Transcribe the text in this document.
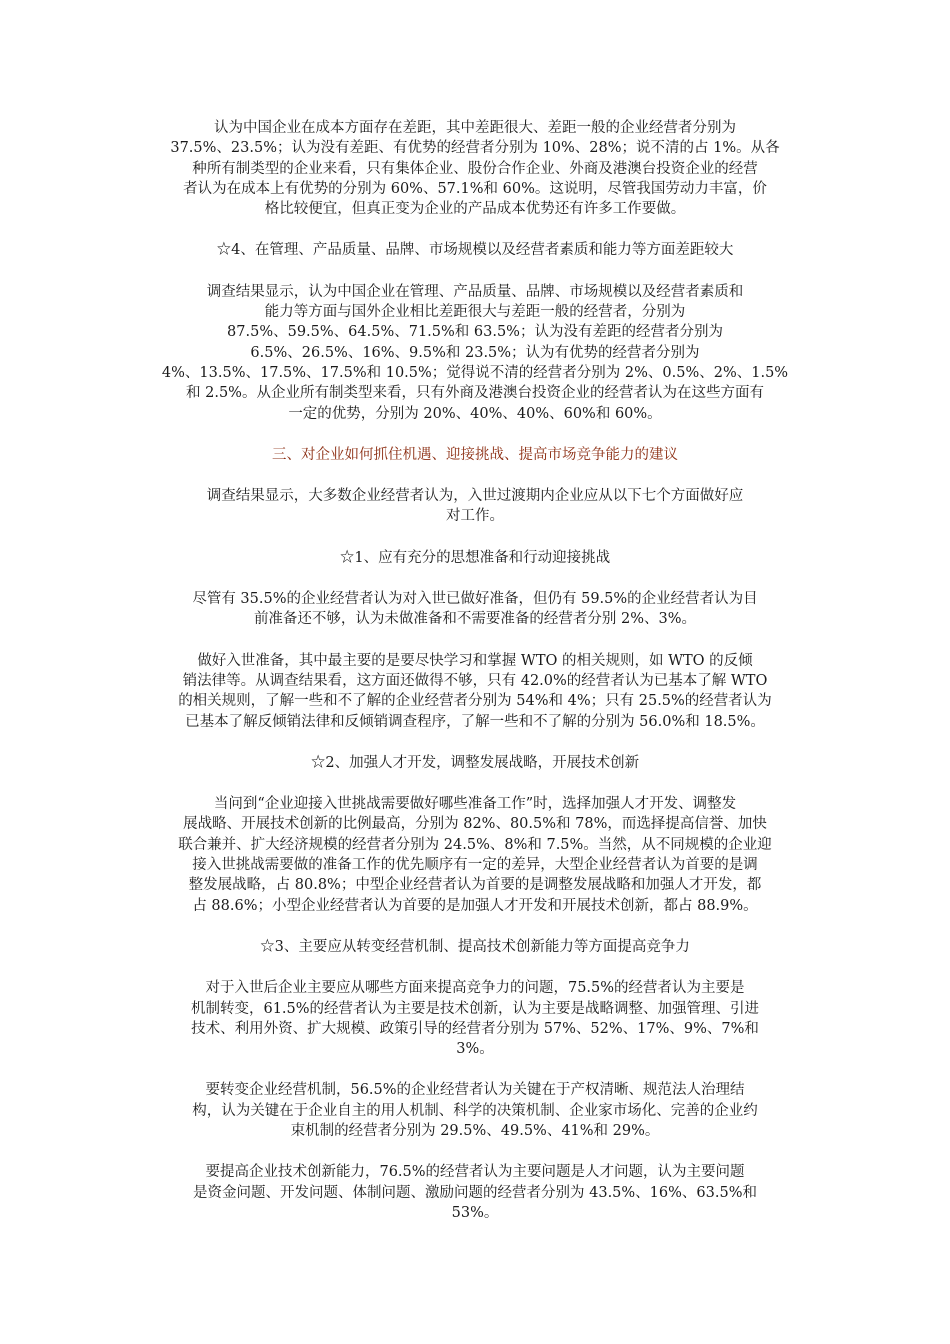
认为中国企业在成本方面存在差距，其中差距很大、差距一般的企业经营者分别为
37.5%、23.5%；认为没有差距、有优势的经营者分别为 10%、28%；说不清的占 1%。从各
种所有制类型的企业来看，只有集体企业、股份合作企业、外商及港澳台投资企业的经营
者认为在成本上有优势的分别为 60%、57.1%和 60%。这说明，尽管我国劳动力丰富，价
格比较便宜，但真正变为企业的产品成本优势还有许多工作要做。

☆4、在管理、产品质量、品牌、市场规模以及经营者素质和能力等方面差距较大

调查结果显示，认为中国企业在管理、产品质量、品牌、市场规模以及经营者素质和
能力等方面与国外企业相比差距很大与差距一般的经营者，分别为
87.5%、59.5%、64.5%、71.5%和 63.5%；认为没有差距的经营者分别为
6.5%、26.5%、16%、9.5%和 23.5%；认为有优势的经营者分别为
4%、13.5%、17.5%、17.5%和 10.5%；觉得说不清的经营者分别为 2%、0.5%、2%、1.5%
和 2.5%。从企业所有制类型来看，只有外商及港澳台投资企业的经营者认为在这些方面有
一定的优势，分别为 20%、40%、40%、60%和 60%。

三、对企业如何抓住机遇、迎接挑战、提高市场竞争能力的建议

调查结果显示，大多数企业经营者认为，入世过渡期内企业应从以下七个方面做好应
对工作。

☆1、应有充分的思想准备和行动迎接挑战

尽管有 35.5%的企业经营者认为对入世已做好准备，但仍有 59.5%的企业经营者认为目
前准备还不够，认为未做准备和不需要准备的经营者分别 2%、3%。

做好入世准备，其中最主要的是要尽快学习和掌握 WTO 的相关规则，如 WTO 的反倾
销法律等。从调查结果看，这方面还做得不够，只有 42.0%的经营者认为已基本了解 WTO
的相关规则，了解一些和不了解的企业经营者分别为 54%和 4%；只有 25.5%的经营者认为
已基本了解反倾销法律和反倾销调查程序，了解一些和不了解的分别为 56.0%和 18.5%。

☆2、加强人才开发，调整发展战略，开展技术创新

当问到“企业迎接入世挑战需要做好哪些准备工作”时，选择加强人才开发、调整发
展战略、开展技术创新的比例最高，分别为 82%、80.5%和 78%，而选择提高信誉、加快
联合兼并、扩大经济规模的经营者分别为 24.5%、8%和 7.5%。当然，从不同规模的企业迎
接入世挑战需要做的准备工作的优先顺序有一定的差异，大型企业经营者认为首要的是调
整发展战略，占 80.8%；中型企业经营者认为首要的是调整发展战略和加强人才开发，都
占 88.6%；小型企业经营者认为首要的是加强人才开发和开展技术创新，都占 88.9%。

☆3、主要应从转变经营机制、提高技术创新能力等方面提高竞争力

对于入世后企业主要应从哪些方面来提高竞争力的问题，75.5%的经营者认为主要是
机制转变，61.5%的经营者认为主要是技术创新，认为主要是战略调整、加强管理、引进
技术、利用外资、扩大规模、政策引导的经营者分别为 57%、52%、17%、9%、7%和
3%。

要转变企业经营机制，56.5%的企业经营者认为关键在于产权清晰、规范法人治理结
构，认为关键在于企业自主的用人机制、科学的决策机制、企业家市场化、完善的企业约
束机制的经营者分别为 29.5%、49.5%、41%和 29%。

要提高企业技术创新能力，76.5%的经营者认为主要问题是人才问题，认为主要问题
是资金问题、开发问题、体制问题、激励问题的经营者分别为 43.5%、16%、63.5%和
53%。
